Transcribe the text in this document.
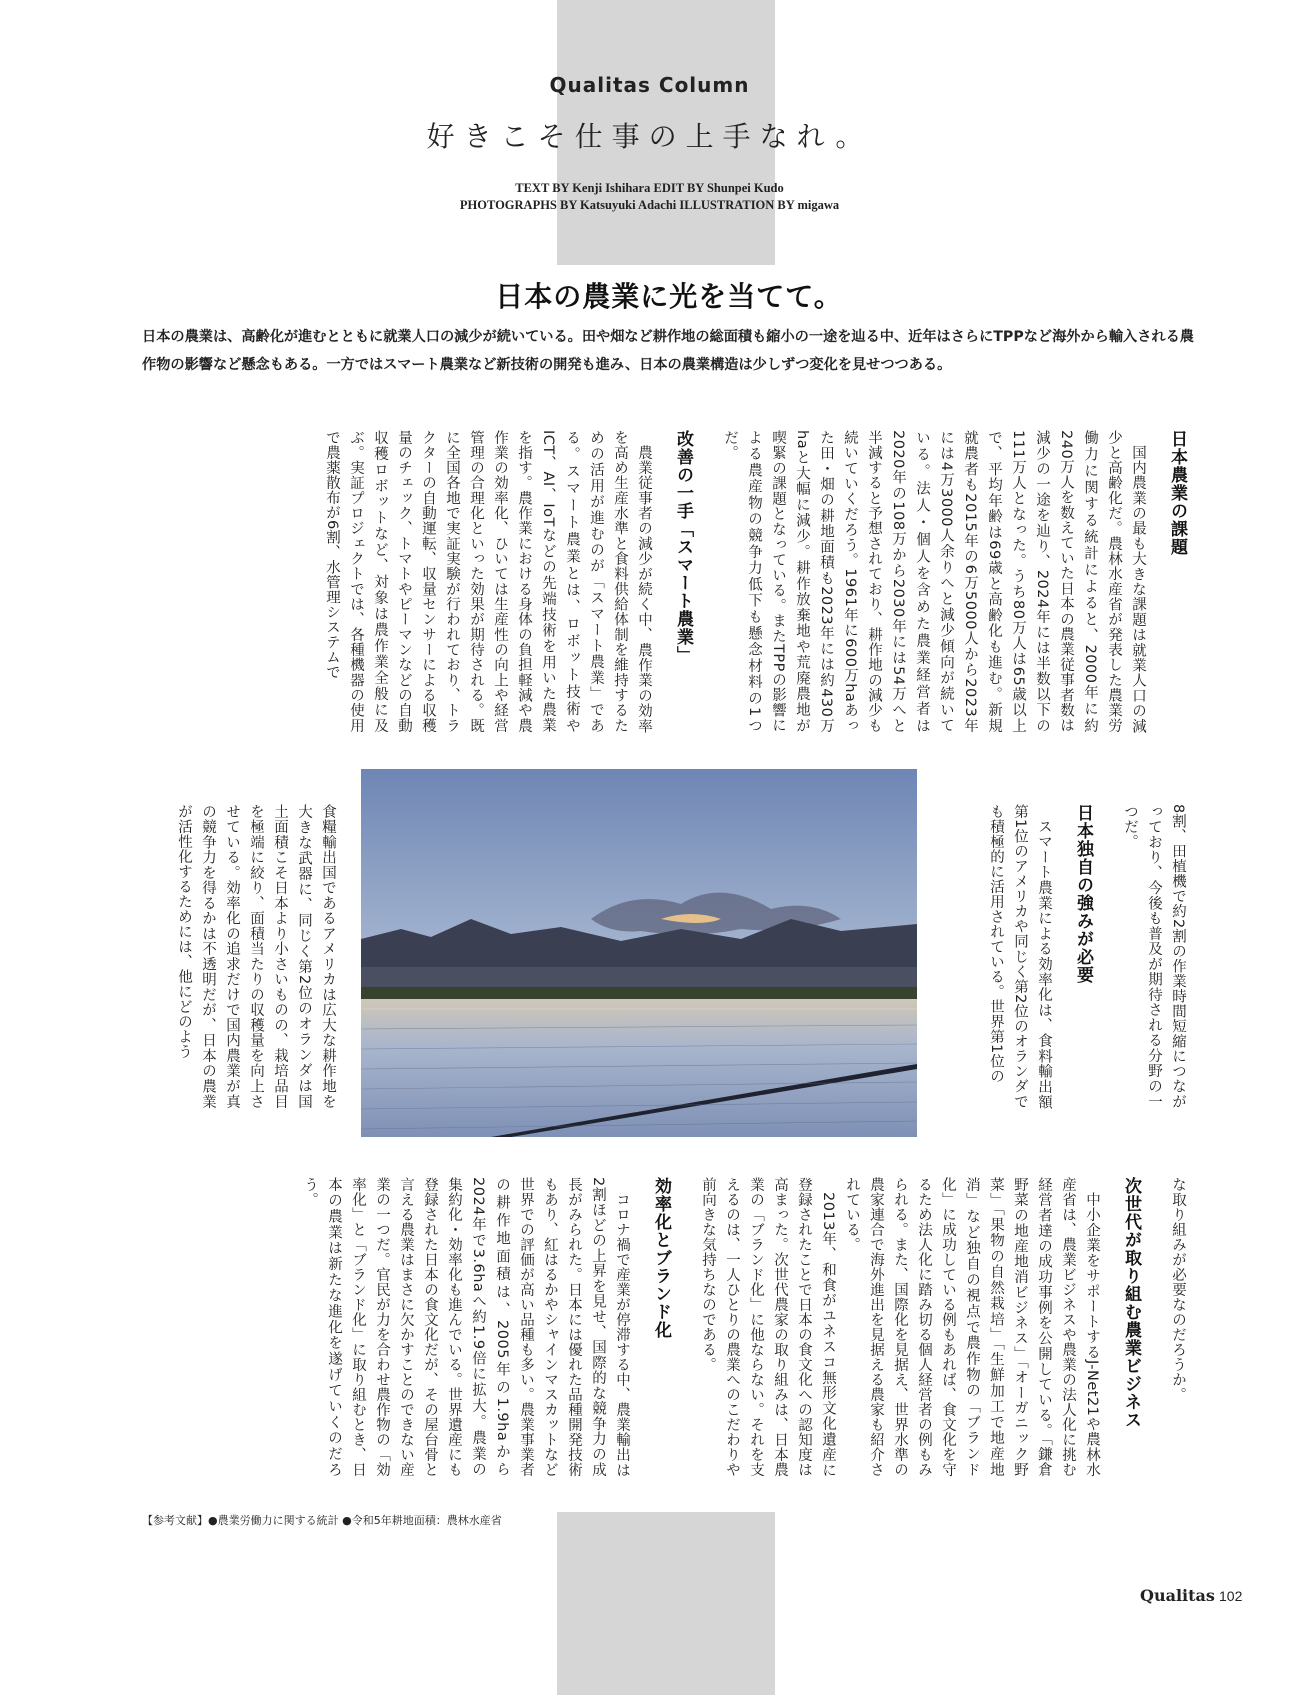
Qualitas Column
好きこそ仕事の上手なれ。
TEXT BY Kenji Ishihara EDIT BY Shunpei Kudo
PHOTOGRAPHS BY Katsuyuki Adachi ILLUSTRATION BY migawa
日本の農業に光を当てて。
日本の農業は、高齢化が進むとともに就業人口の減少が続いている。田や畑など耕作地の総面積も縮小の一途を辿る中、近年はさらにTPPなど海外から輸入される農作物の影響など懸念もある。一方ではスマート農業など新技術の開発も進み、日本の農業構造は少しずつ変化を見せつつある。
日本農業の課題

国内農業の最も大きな課題は就業人口の減少と高齢化だ。農林水産省が発表した農業労働力に関する統計によると、2000年に約240万人を数えていた日本の農業従事者数は減少の一途を辿り、2024年には半数以下の111万人となった。うち80万人は65歳以上で、平均年齢は69歳と高齢化も進む。新規就農者も2015年の6万5000人から2023年には4万3000人余りへと減少傾向が続いている。法人・個人を含めた農業経営者は2020年の108万から2030年には54万へと半減すると予想されており、耕作地の減少も続いていくだろう。1961年に600万haあった田・畑の耕地面積も2023年には約430万haと大幅に減少。耕作放棄地や荒廃農地が喫緊の課題となっている。またTPPの影響による農産物の競争力低下も懸念材料の1つだ。

改善の一手「スマート農業」

農業従事者の減少が続く中、農作業の効率を高め生産水準と食料供給体制を維持するための活用が進むのが「スマート農業」である。スマート農業とは、ロボット技術やICT、AI、IoTなどの先端技術を用いた農業を指す。農作業における身体の負担軽減や農作業の効率化、ひいては生産性の向上や経営管理の合理化といった効果が期待される。既に全国各地で実証実験が行われており、トラクターの自動運転、収量センサーによる収穫量のチェック、トマトやピーマンなどの自動収穫ロボットなど、対象は農作業全般に及ぶ。実証プロジェクトでは、各種機器の使用で農薬散布が6割、水管理システムで

8割、田植機で約2割の作業時間短縮につながっており、今後も普及が期待される分野の一つだ。

日本独自の強みが必要

スマート農業による効率化は、食料輸出額第1位のアメリカや同じく第2位のオランダでも積極的に活用されている。世界第1位の

食糧輸出国であるアメリカは広大な耕作地を大きな武器に、同じく第2位のオランダは国土面積こそ日本より小さいものの、栽培品目を極端に絞り、面積当たりの収穫量を向上させている。効率化の追求だけで国内農業が真の競争力を得るかは不透明だが、日本の農業が活性化するためには、他にどのよう

な取り組みが必要なのだろうか。

次世代が取り組む農業ビジネス

中小企業をサポートするJ-Net21や農林水産省は、農業ビジネスや農業の法人化に挑む経営者達の成功事例を公開している。「鎌倉野菜の地産地消ビジネス」「オーガニック野菜」「果物の自然栽培」「生鮮加工で地産地消」など独自の視点で農作物の「ブランド化」に成功している例もあれば、食文化を守るため法人化に踏み切る個人経営者の例もみられる。また、国際化を見据え、世界水準の農家連合で海外進出を見据える農家も紹介されている。

2013年、和食がユネスコ無形文化遺産に登録されたことで日本の食文化への認知度は高まった。次世代農家の取り組みは、日本農業の「ブランド化」に他ならない。それを支えるのは、一人ひとりの農業へのこだわりや前向きな気持ちなのである。

効率化とブランド化

コロナ禍で産業が停滞する中、農業輸出は2割ほどの上昇を見せ、国際的な競争力の成長がみられた。日本には優れた品種開発技術もあり、紅はるかやシャインマスカットなど世界での評価が高い品種も多い。農業事業者の耕作地面積は、2005年の1.9haから2024年で3.6haへ約1.9倍に拡大。農業の集約化・効率化も進んでいる。世界遺産にも登録された日本の食文化だが、その屋台骨と言える農業はまさに欠かすことのできない産業の一つだ。官民が力を合わせ農作物の「効率化」と「ブランド化」に取り組むとき、日本の農業は新たな進化を遂げていくのだろう。

【参考文献】●農業労働力に関する統計 ●令和5年耕地面積：農林水産省
Qualitas 102
